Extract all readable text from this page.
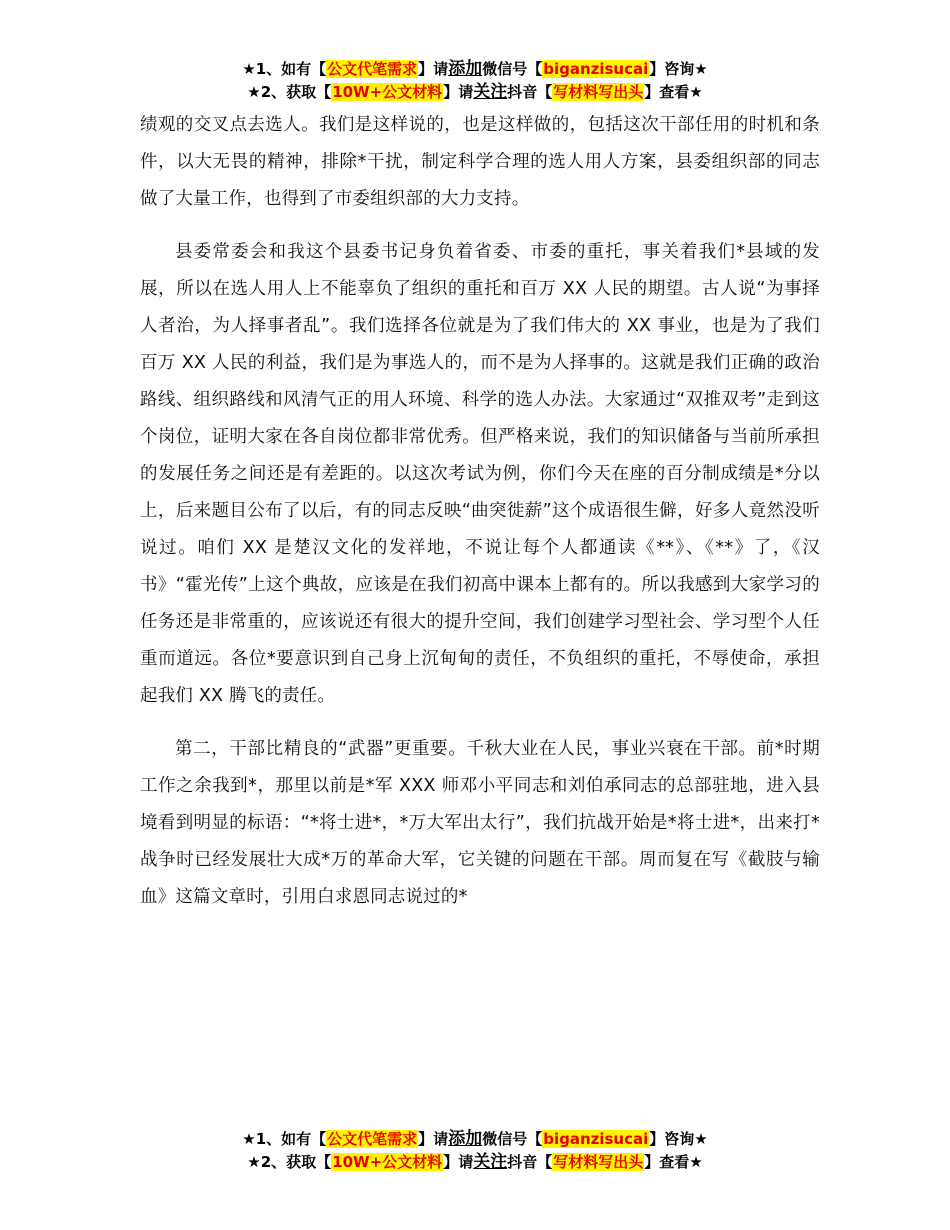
★1、如有【公文代笔需求】请添加微信号【biganzisucai】咨询★
★2、获取【10W+公文材料】请关注抖音【写材料写出头】查看★

绩观的交叉点去选人。我们是这样说的，也是这样做的，包括这次干部任用的时机和条件，以大无畏的精神，排除*干扰，制定科学合理的选人用人方案，县委组织部的同志做了大量工作，也得到了市委组织部的大力支持。

县委常委会和我这个县委书记身负着省委、市委的重托，事关着我们*县域的发展，所以在选人用人上不能辜负了组织的重托和百万 XX 人民的期望。古人说“为事择人者治，为人择事者乱”。我们选择各位就是为了我们伟大的 XX 事业，也是为了我们百万 XX 人民的利益，我们是为事选人的，而不是为人择事的。这就是我们正确的政治路线、组织路线和风清气正的用人环境、科学的选人办法。大家通过“双推双考”走到这个岗位，证明大家在各自岗位都非常优秀。但严格来说，我们的知识储备与当前所承担的发展任务之间还是有差距的。以这次考试为例，你们今天在座的百分制成绩是*分以上，后来题目公布了以后，有的同志反映“曲突徙薪”这个成语很生僻，好多人竟然没听说过。咱们 XX 是楚汉文化的发祥地，不说让每个人都通读《**》、《**》了，《汉书》“霍光传”上这个典故，应该是在我们初高中课本上都有的。所以我感到大家学习的任务还是非常重的，应该说还有很大的提升空间，我们创建学习型社会、学习型个人任重而道远。各位*要意识到自己身上沉甸甸的责任，不负组织的重托，不辱使命，承担起我们 XX 腾飞的责任。

第二，干部比精良的“武器”更重要。千秋大业在人民，事业兴衰在干部。前*时期工作之余我到*，那里以前是*军 XXX 师邓小平同志和刘伯承同志的总部驻地，进入县境看到明显的标语：“*将士进*，*万大军出太行”，我们抗战开始是*将士进*，出来打*战争时已经发展壮大成*万的革命大军，它关键的问题在干部。周而复在写《截肢与输血》这篇文章时，引用白求恩同志说过的*

★1、如有【公文代笔需求】请添加微信号【biganzisucai】咨询★
★2、获取【10W+公文材料】请关注抖音【写材料写出头】查看★
